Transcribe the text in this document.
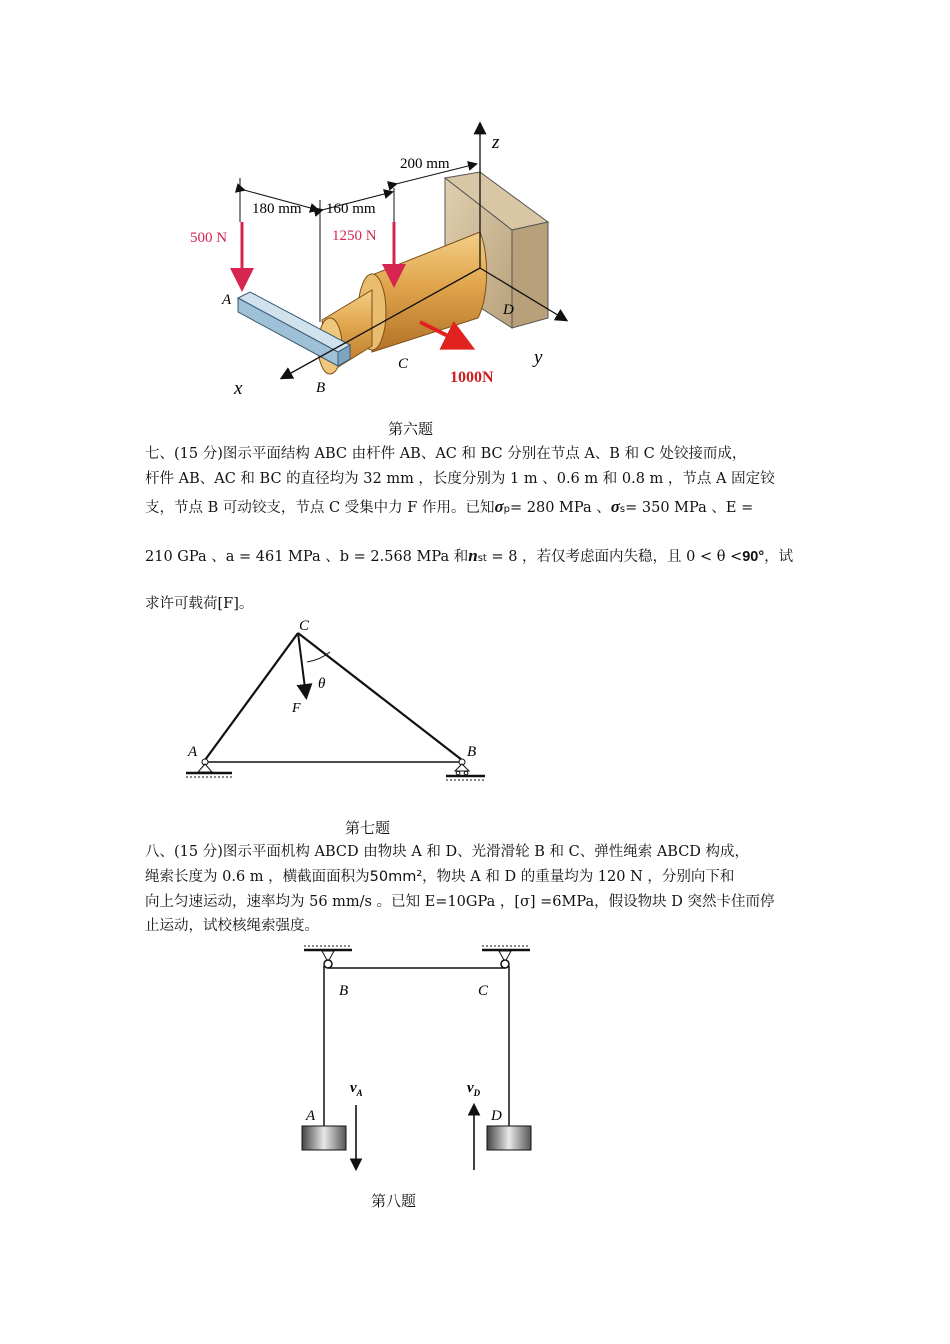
500 N	1250 N
1000N
180 mm 160 mm
200 mm
A
B
C
D
x
y
z
第六题
七、(15 分)图示平面结构 ABC 由杆件 AB、AC 和 BC 分别在节点 A、B 和 C 处铰接而成，
杆件 AB、AC 和 BC 的直径均为 32 mm ，长度分别为 1 m 、0.6 m 和 0.8 m ，节点 A 固定铰
支，节点 B 可动铰支，节点 C 受集中力 F 作用。已知σp= 280 MPa 、σs= 350 MPa 、E =
210 GPa 、a = 461 MPa 、b = 2.568 MPa 和nst = 8 ，若仅考虑面内失稳，且 0 < θ <90°，试
求许可载荷[F]。
C
A	B
F
θ
第七题
八、(15 分)图示平面机构 ABCD 由物块 A 和 D、光滑滑轮 B 和 C、弹性绳索 ABCD 构成，
绳索长度为 0.6 m ，横截面面积为50mm²，物块 A 和 D 的重量均为 120 N ，分别向下和
向上匀速运动，速率均为 56 mm/s 。已知 E=10GPa ，[σ] =6MPa，假设物块 D 突然卡住而停
止运动，试校核绳索强度。
B	C
A	D
$v_A$	$v_D$
第八题
